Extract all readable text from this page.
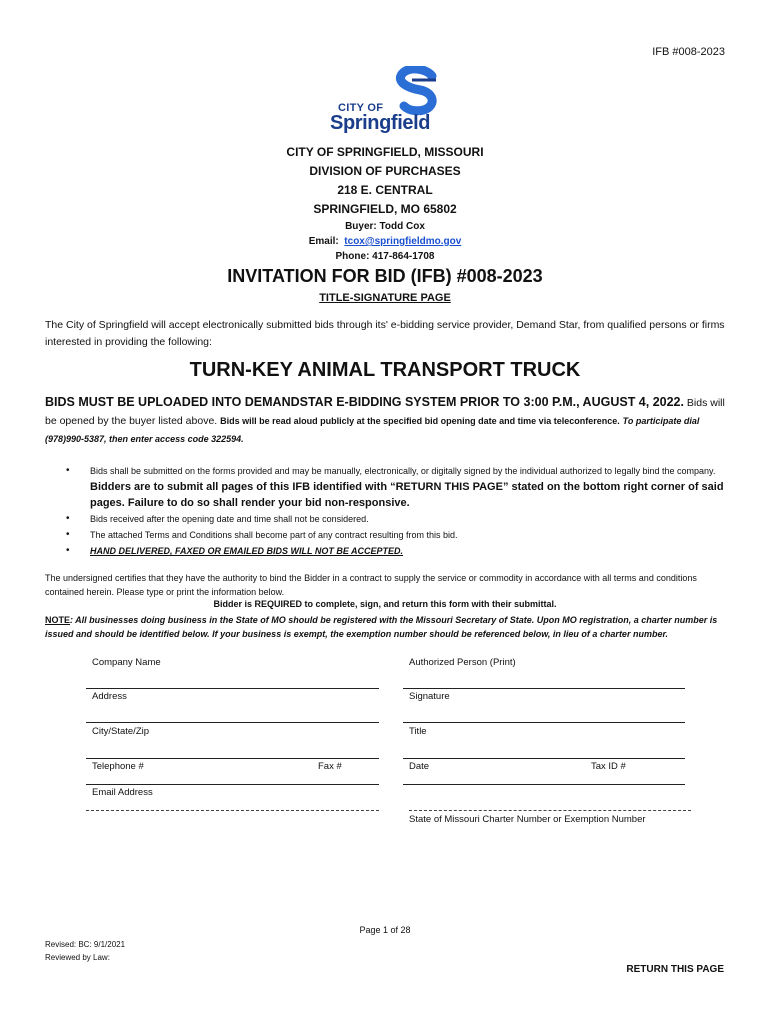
IFB #008-2023
CITY OF
Springfield
CITY OF SPRINGFIELD, MISSOURI
DIVISION OF PURCHASES
218 E. CENTRAL
SPRINGFIELD, MO 65802
Buyer: Todd Cox
Email: tcox@springfieldmo.gov
Phone: 417-864-1708
INVITATION FOR BID (IFB) #008-2023
TITLE-SIGNATURE PAGE
The City of Springfield will accept electronically submitted bids through its' e-bidding service provider, Demand Star, from qualified persons or firms interested in providing the following:
TURN-KEY ANIMAL TRANSPORT TRUCK
BIDS MUST BE UPLOADED INTO DEMANDSTAR E-BIDDING SYSTEM PRIOR TO 3:00 P.M., AUGUST 4, 2022. Bids will be opened by the buyer listed above. Bids will be read aloud publicly at the specified bid opening date and time via teleconference. To participate dial (978)990-5387, then enter access code 322594.
• Bids shall be submitted on the forms provided and may be manually, electronically, or digitally signed by the individual authorized to legally bind the company. Bidders are to submit all pages of this IFB identified with “RETURN THIS PAGE” stated on the bottom right corner of said pages. Failure to do so shall render your bid non-responsive.
• Bids received after the opening date and time shall not be considered.
• The attached Terms and Conditions shall become part of any contract resulting from this bid.
• HAND DELIVERED, FAXED OR EMAILED BIDS WILL NOT BE ACCEPTED.
The undersigned certifies that they have the authority to bind the Bidder in a contract to supply the service or commodity in accordance with all terms and conditions contained herein. Please type or print the information below.
Bidder is REQUIRED to complete, sign, and return this form with their submittal.
NOTE: All businesses doing business in the State of MO should be registered with the Missouri Secretary of State. Upon MO registration, a charter number is issued and should be identified below. If your business is exempt, the exemption number should be referenced below, in lieu of a charter number.
Company Name
Address
City/State/Zip
Telephone #	Fax #
Email Address
Authorized Person (Print)
Signature
Title
Date	Tax ID #
State of Missouri Charter Number or Exemption Number
Page 1 of 28
Revised: BC: 9/1/2021
Reviewed by Law:
RETURN THIS PAGE
